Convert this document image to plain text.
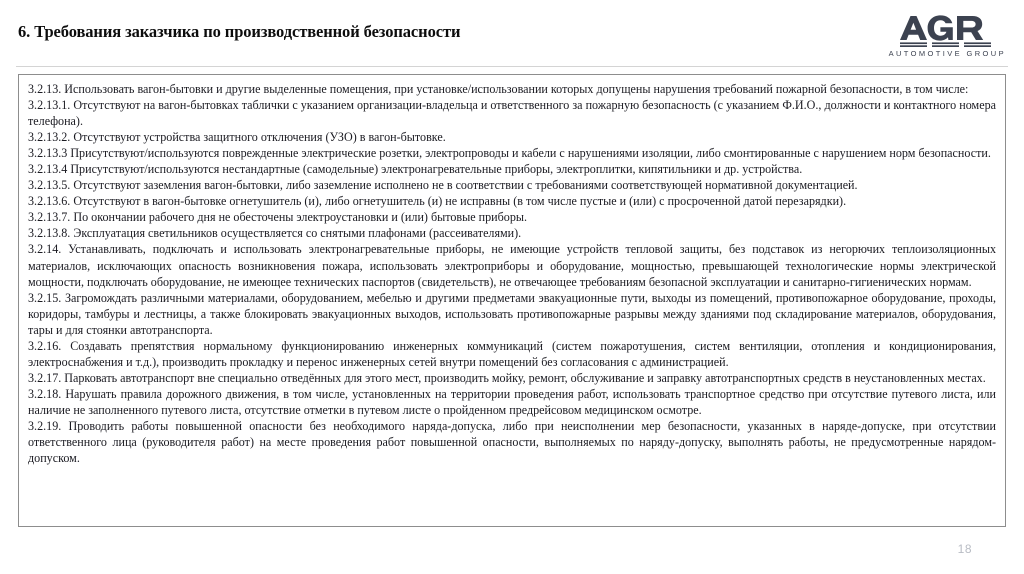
6. Требования заказчика по производственной безопасности
AUTOMOTIVE GROUP

3.2.13. Использовать вагон-бытовки и другие выделенные помещения, при установке/использовании которых допущены нарушения требований пожарной безопасности, в том числе:

3.2.13.1. Отсутствуют на вагон-бытовках таблички с указанием организации-владельца и ответственного за пожарную безопасность (с указанием Ф.И.О., должности и контактного номера телефона).

3.2.13.2. Отсутствуют устройства защитного отключения (УЗО) в вагон-бытовке.

3.2.13.3 Присутствуют/используются поврежденные электрические розетки, электропроводы и кабели с нарушениями изоляции, либо смонтированные с нарушением норм безопасности.

3.2.13.4 Присутствуют/используются нестандартные (самодельные) электронагревательные приборы, электроплитки, кипятильники и др. устройства.

3.2.13.5. Отсутствуют заземления вагон-бытовки, либо заземление исполнено не в соответствии с требованиями соответствующей нормативной документацией.

3.2.13.6. Отсутствуют в вагон-бытовке огнетушитель (и), либо огнетушитель (и) не исправны (в том числе пустые и (или) с просроченной датой перезарядки).

3.2.13.7. По окончании рабочего дня не обесточены электроустановки и (или) бытовые приборы.

3.2.13.8. Эксплуатация светильников осуществляется со снятыми плафонами (рассеивателями).

3.2.14. Устанавливать, подключать и использовать электронагревательные приборы, не имеющие устройств тепловой защиты, без подставок из негорючих теплоизоляционных материалов, исключающих опасность возникновения пожара, использовать электроприборы и оборудование, мощностью, превышающей технологические нормы электрической мощности, подключать оборудование, не имеющее технических паспортов (свидетельств), не отвечающее требованиям безопасной эксплуатации и санитарно-гигиенических нормам.

3.2.15. Загромождать различными материалами, оборудованием, мебелью и другими предметами эвакуационные пути, выходы из помещений, противопожарное оборудование, проходы, коридоры, тамбуры и лестницы, а также блокировать эвакуационных выходов, использовать противопожарные разрывы между зданиями под складирование материалов, оборудования, тары и для стоянки автотранспорта.

3.2.16. Создавать препятствия нормальному функционированию инженерных коммуникаций (систем пожаротушения, систем вентиляции, отопления и кондиционирования, электроснабжения и т.д.), производить прокладку и перенос инженерных сетей внутри помещений без согласования с администрацией.

3.2.17. Парковать автотранспорт вне специально отведённых для этого мест, производить мойку, ремонт, обслуживание и заправку автотранспортных средств в неустановленных местах.

3.2.18. Нарушать правила дорожного движения, в том числе, установленных на территории проведения работ, использовать транспортное средство при отсутствие путевого листа, или наличие не заполненного путевого листа, отсутствие отметки в путевом листе о пройденном предрейсовом медицинском осмотре.

3.2.19. Проводить работы повышенной опасности без необходимого наряда-допуска, либо при неисполнении мер безопасности, указанных в наряде-допуске, при отсутствии ответственного лица (руководителя работ) на месте проведения работ повышенной опасности, выполняемых по наряду-допуску, выполнять работы, не предусмотренные нарядом-допуском.

18
